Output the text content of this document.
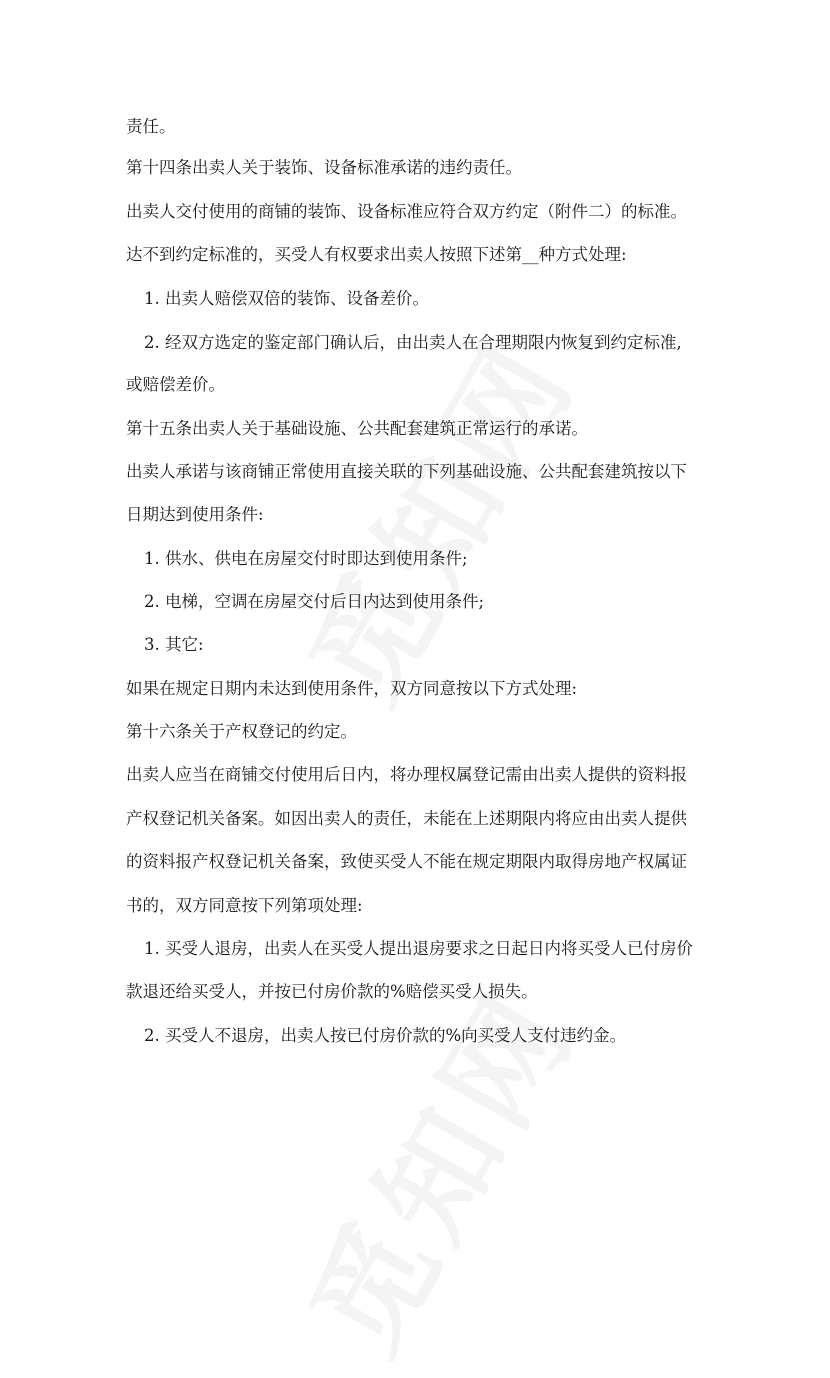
责任。
第十四条出卖人关于装饰、设备标准承诺的违约责任。
出卖人交付使用的商铺的装饰、设备标准应符合双方约定（附件二）的标准。
达不到约定标准的，买受人有权要求出卖人按照下述第__种方式处理:
1. 出卖人赔偿双倍的装饰、设备差价。
2. 经双方选定的鉴定部门确认后，由出卖人在合理期限内恢复到约定标准,
或赔偿差价。
第十五条出卖人关于基础设施、公共配套建筑正常运行的承诺。
出卖人承诺与该商铺正常使用直接关联的下列基础设施、公共配套建筑按以下
日期达到使用条件:
1. 供水、供电在房屋交付时即达到使用条件;
2. 电梯，空调在房屋交付后日内达到使用条件;
3. 其它:
如果在规定日期内未达到使用条件，双方同意按以下方式处理:
第十六条关于产权登记的约定。
出卖人应当在商铺交付使用后日内，将办理权属登记需由出卖人提供的资料报
产权登记机关备案。如因出卖人的责任，未能在上述期限内将应由出卖人提供
的资料报产权登记机关备案，致使买受人不能在规定期限内取得房地产权属证
书的，双方同意按下列第项处理:
1. 买受人退房，出卖人在买受人提出退房要求之日起日内将买受人已付房价
款退还给买受人，并按已付房价款的%赔偿买受人损失。
2. 买受人不退房，出卖人按已付房价款的%向买受人支付违约金。
